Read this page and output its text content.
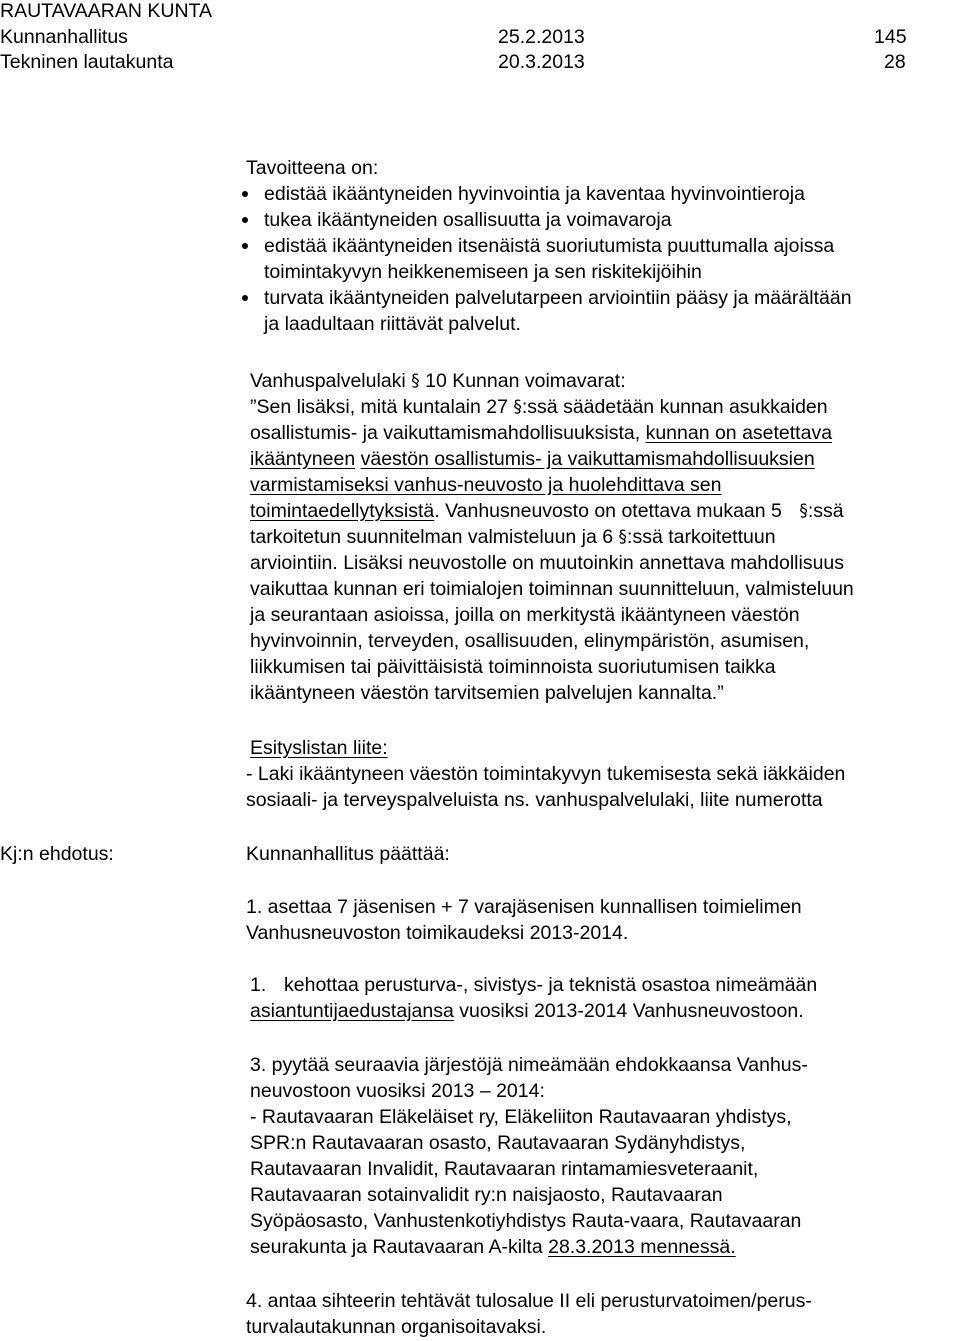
RAUTAVAARAN KUNTA
Kunnanhallitus	25.2.2013	145
Tekninen lautakunta	20.3.2013	28
Tavoitteena on:
edistää ikääntyneiden hyvinvointia ja kaventaa hyvinvointieroja
tukea ikääntyneiden osallisuutta ja voimavaroja
edistää ikääntyneiden itsenäistä suoriutumista puuttumalla ajoissa
toimintakyvyn heikkenemiseen ja sen riskitekijöihin
turvata ikääntyneiden palvelutarpeen arviointiin pääsy ja määrältään
ja laadultaan riittävät palvelut.
Vanhuspalvelulaki § 10 Kunnan voimavarat:
”Sen lisäksi, mitä kuntalain 27 §:ssä säädetään kunnan asukkaiden
osallistumis- ja vaikuttamismahdollisuuksista, kunnan on asetettava
ikääntyneen väestön osallistumis- ja vaikuttamismahdollisuuksien
varmistamiseksi vanhus-neuvosto ja huolehdittava sen
toimintaedellytyksistä. Vanhusneuvosto on otettava mukaan 5 §:ssä
tarkoitetun suunnitelman valmisteluun ja 6 §:ssä tarkoitettuun
arviointiin. Lisäksi neuvostolle on muutoinkin annettava mahdollisuus
vaikuttaa kunnan eri toimialojen toiminnan suunnitteluun, valmisteluun
ja seurantaan asioissa, joilla on merkitystä ikääntyneen väestön
hyvinvoinnin, terveyden, osallisuuden, elinympäristön, asumisen,
liikkumisen tai päivittäisistä toiminnoista suoriutumisen taikka
ikääntyneen väestön tarvitsemien palvelujen kannalta.”
Esityslistan liite:
- Laki ikääntyneen väestön toimintakyvyn tukemisesta sekä iäkkäiden
sosiaali- ja terveyspalveluista ns. vanhuspalvelulaki, liite numerotta
Kj:n ehdotus:	Kunnanhallitus päättää:
1. asettaa 7 jäsenisen + 7 varajäsenisen kunnallisen toimielimen
Vanhusneuvoston toimikaudeksi 2013-2014.
1. kehottaa perusturva-, sivistys- ja teknistä osastoa nimeämään
asiantuntijaedustajansa vuosiksi 2013-2014 Vanhusneuvostoon.
3. pyytää seuraavia järjestöjä nimeämään ehdokkaansa Vanhus-
neuvostoon vuosiksi 2013 – 2014:
- Rautavaaran Eläkeläiset ry, Eläkeliiton Rautavaaran yhdistys,
SPR:n Rautavaaran osasto, Rautavaaran Sydänyhdistys,
Rautavaaran Invalidit, Rautavaaran rintamamiesveteraanit,
Rautavaaran sotainvalidit ry:n naisjaosto, Rautavaaran
Syöpäosasto, Vanhustenkotiyhdistys Rauta-vaara, Rautavaaran
seurakunta ja Rautavaaran A-kilta 28.3.2013 mennessä.
4. antaa sihteerin tehtävät tulosalue II eli perusturvatoimen/perus-
turvalautakunnan organisoitavaksi.
